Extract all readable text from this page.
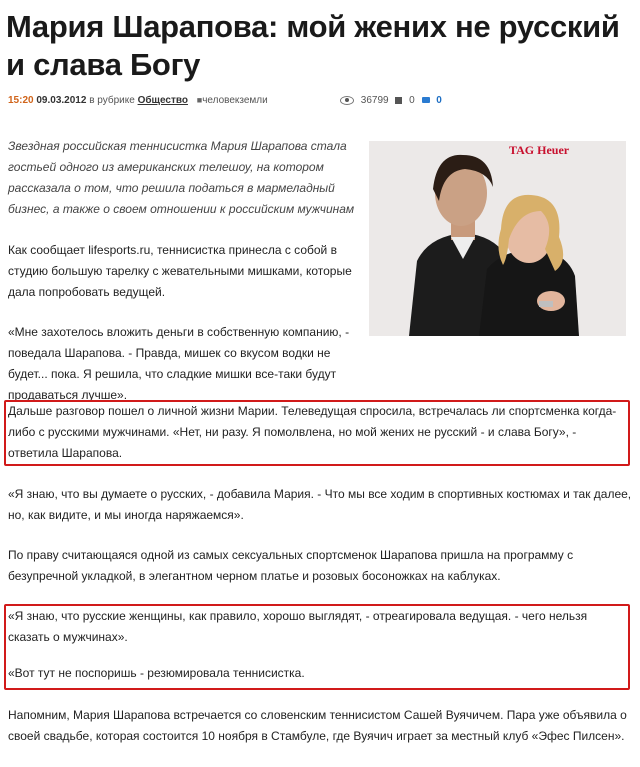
Мария Шарапова: мой жених не русский и слава Богу
15:20 09.03.2012 в рубрике Общество ■человекземли	36799 0 0
TAG Heuer

Звездная российская теннисистка Мария Шарапова стала гостьей одного из американских телешоу, на котором рассказала о том, что решила податься в мармеладный бизнес, а также о своем отношении к российским мужчинам

Как сообщает lifesports.ru, теннисистка принесла с собой в студию большую тарелку с жевательными мишками, которые дала попробовать ведущей.

«Мне захотелось вложить деньги в собственную компанию, - поведала Шарапова. - Правда, мишек со вкусом водки не будет... пока. Я решила, что сладкие мишки все-таки будут продаваться лучше».

Дальше разговор пошел о личной жизни Марии. Телеведущая спросила, встречалась ли спортсменка когда-либо с русскими мужчинами. «Нет, ни разу. Я помолвлена, но мой жених не русский - и слава Богу», - ответила Шарапова.

«Я знаю, что вы думаете о русских, - добавила Мария. - Что мы все ходим в спортивных костюмах и так далее, но, как видите, и мы иногда наряжаемся».

По праву считающаяся одной из самых сексуальных спортсменок Шарапова пришла на программу с безупречной укладкой, в элегантном черном платье и розовых босоножках на каблуках.

«Я знаю, что русские женщины, как правило, хорошо выглядят, - отреагировала ведущая. - чего нельзя сказать о мужчинах».

«Вот тут не поспоришь - резюмировала теннисистка.

Напомним, Мария Шарапова встречается со словенским теннисистом Сашей Вуячичем. Пара уже объявила о своей свадьбе, которая состоится 10 ноября в Стамбуле, где Вуячич играет за местный клуб «Эфес Пилсен».
